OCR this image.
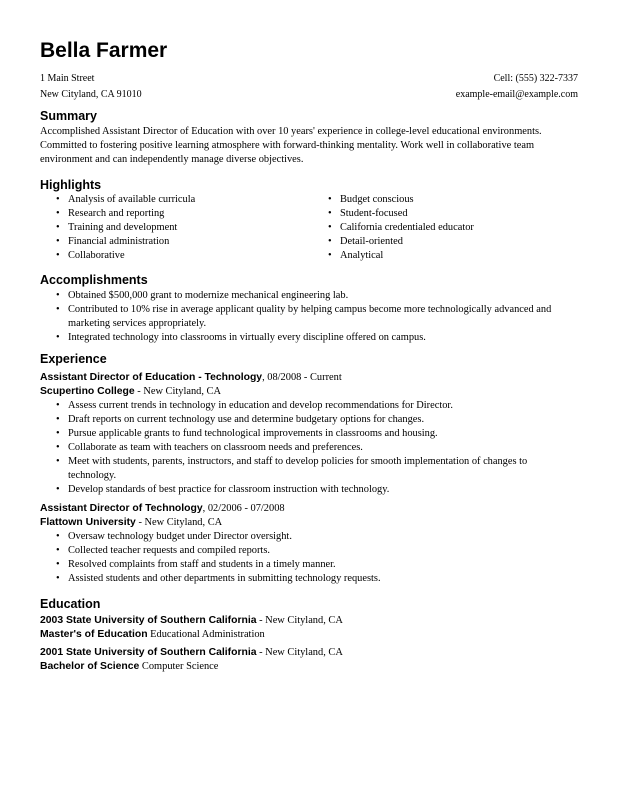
Bella Farmer
1 Main Street	Cell: (555) 322-7337
New Cityland, CA 91010	example-email@example.com
Summary
Accomplished Assistant Director of Education with over 10 years' experience in college-level educational environments. Committed to fostering positive learning atmosphere with forward-thinking mentality. Work well in collaborative team environment and can independently manage diverse objectives.
Highlights
• Analysis of available curricula
• Research and reporting
• Training and development
• Financial administration
• Collaborative
• Budget conscious
• Student-focused
• California credentialed educator
• Detail-oriented
• Analytical
Accomplishments
• Obtained $500,000 grant to modernize mechanical engineering lab.
• Contributed to 10% rise in average applicant quality by helping campus become more technologically advanced and marketing services appropriately.
• Integrated technology into classrooms in virtually every discipline offered on campus.
Experience
Assistant Director of Education - Technology, 08/2008 - Current
Scupertino College - New Cityland, CA
• Assess current trends in technology in education and develop recommendations for Director.
• Draft reports on current technology use and determine budgetary options for changes.
• Pursue applicable grants to fund technological improvements in classrooms and housing.
• Collaborate as team with teachers on classroom needs and preferences.
• Meet with students, parents, instructors, and staff to develop policies for smooth implementation of changes to technology.
• Develop standards of best practice for classroom instruction with technology.
Assistant Director of Technology, 02/2006 - 07/2008
Flattown University - New Cityland, CA
• Oversaw technology budget under Director oversight.
• Collected teacher requests and compiled reports.
• Resolved complaints from staff and students in a timely manner.
• Assisted students and other departments in submitting technology requests.
Education
2003 State University of Southern California - New Cityland, CA
Master's of Education Educational Administration
2001 State University of Southern California - New Cityland, CA
Bachelor of Science Computer Science
